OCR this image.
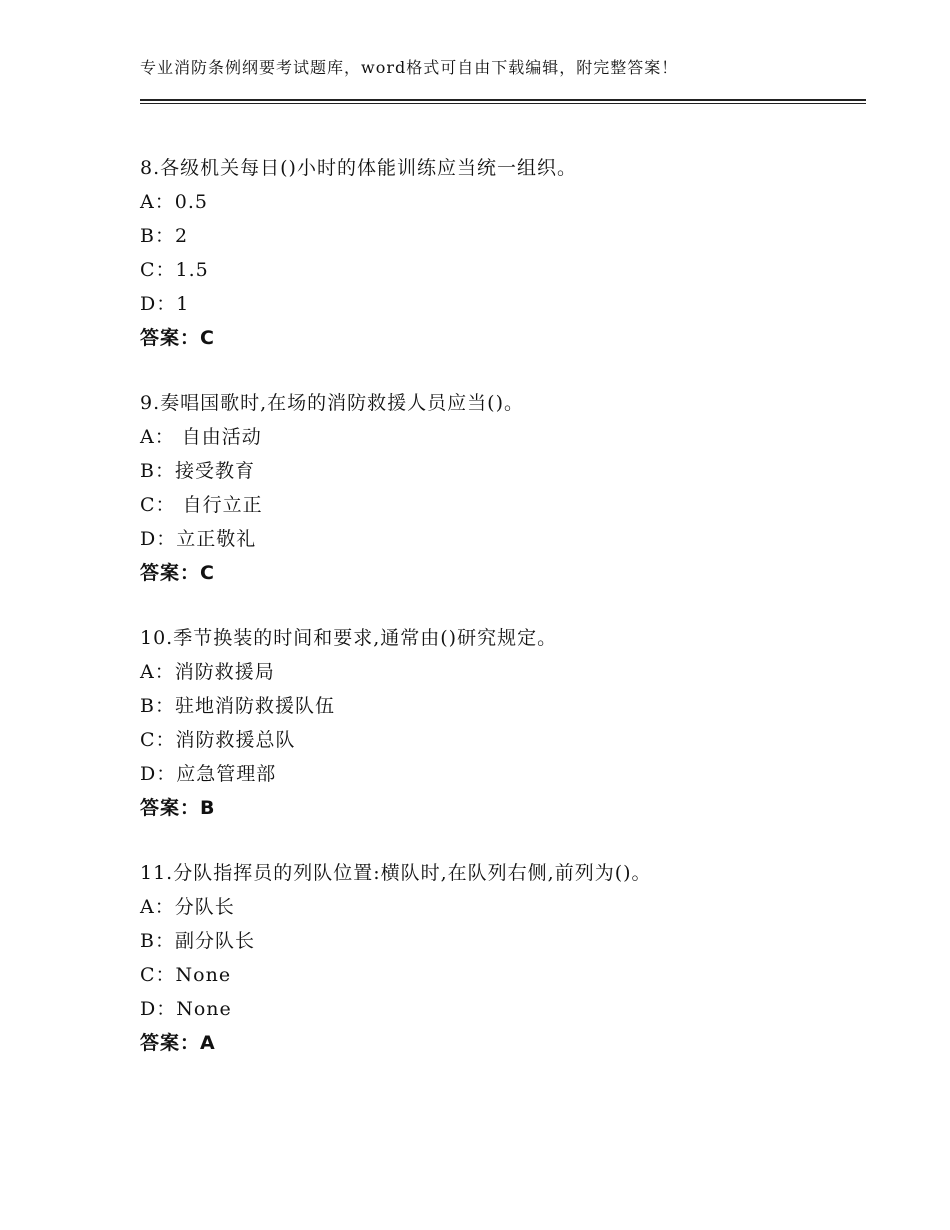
专业消防条例纲要考试题库，word格式可自由下载编辑，附完整答案！
8.各级机关每日()小时的体能训练应当统一组织。
A：0.5
B：2
C：1.5
D：1
答案：C
9.奏唱国歌时,在场的消防救援人员应当()。
A： 自由活动
B：接受教育
C： 自行立正
D：立正敬礼
答案：C
10.季节换装的时间和要求,通常由()研究规定。
A：消防救援局
B：驻地消防救援队伍
C：消防救援总队
D：应急管理部
答案：B
11.分队指挥员的列队位置:横队时,在队列右侧,前列为()。
A：分队长
B：副分队长
C：None
D：None
答案：A
